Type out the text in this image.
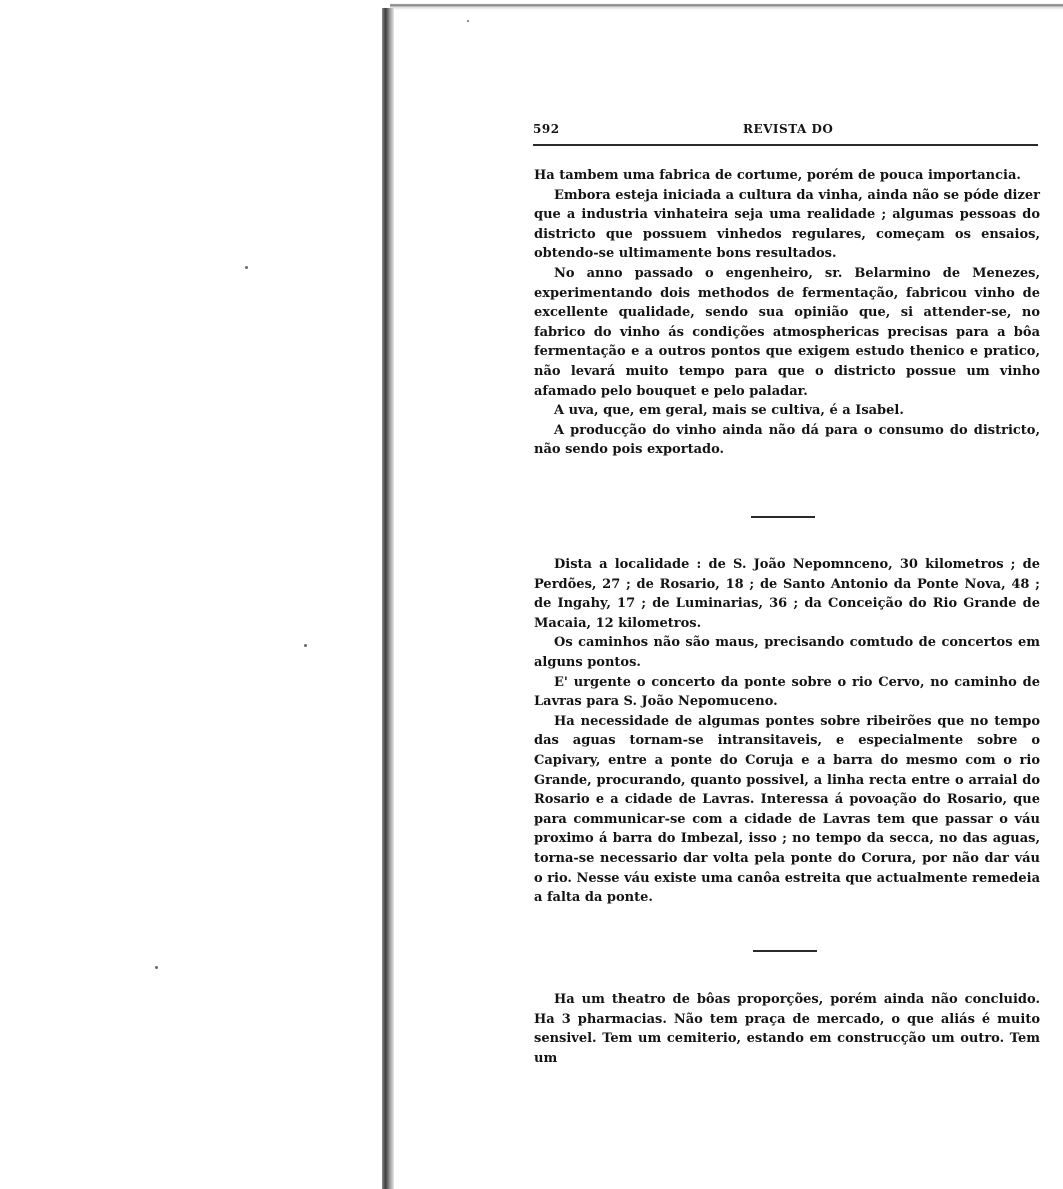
592	REVISTA DO

Ha tambem uma fabrica de cortume, porém de pouca importancia.

Embora esteja iniciada a cultura da vinha, ainda não se póde dizer que a industria vinhateira seja uma realidade ; algumas pessoas do districto que possuem vinhedos regulares, começam os ensaios, obtendo-se ultimamente bons resultados.

No anno passado o engenheiro, sr. Belarmino de Menezes, experimentando dois methodos de fermentação, fabricou vinho de excellente qualidade, sendo sua opinião que, si attender-se, no fabrico do vinho ás condições atmosphericas precisas para a bôa fermentação e a outros pontos que exigem estudo thenico e pratico, não levará muito tempo para que o districto possue um vinho afamado pelo bouquet e pelo paladar.

A uva, que, em geral, mais se cultiva, é a Isabel.

A producção do vinho ainda não dá para o consumo do districto, não sendo pois exportado.

Dista a localidade : de S. João Nepomnceno, 30 kilometros ; de Perdões, 27 ; de Rosario, 18 ; de Santo Antonio da Ponte Nova, 48 ; de Ingahy, 17 ; de Luminarias, 36 ; da Conceição do Rio Grande de Macaia, 12 kilometros.

Os caminhos não são maus, precisando comtudo de concertos em alguns pontos.

E' urgente o concerto da ponte sobre o rio Cervo, no caminho de Lavras para S. João Nepomuceno.

Ha necessidade de algumas pontes sobre ribeirões que no tempo das aguas tornam-se intransitaveis, e especialmente sobre o Capivary, entre a ponte do Coruja e a barra do mesmo com o rio Grande, procurando, quanto possivel, a linha recta entre o arraial do Rosario e a cidade de Lavras. Interessa á povoação do Rosario, que para communicar-se com a cidade de Lavras tem que passar o váu proximo á barra do Imbezal, isso ; no tempo da secca, no das aguas, torna-se necessario dar volta pela ponte do Corura, por não dar váu o rio. Nesse váu existe uma canôa estreita que actualmente remedeia a falta da ponte.

Ha um theatro de bôas proporções, porém ainda não concluido. Ha 3 pharmacias. Não tem praça de mercado, o que aliás é muito sensivel. Tem um cemiterio, estando em construcção um outro. Tem um
